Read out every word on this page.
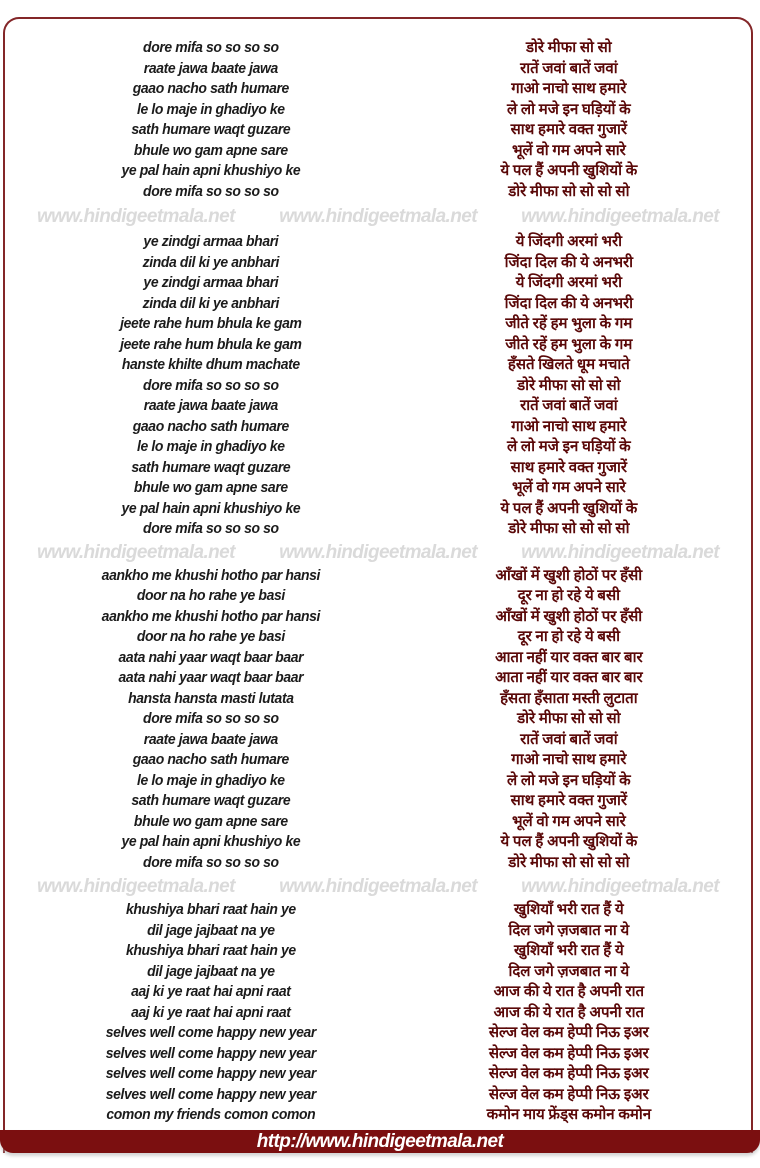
dore mifa so so so so
raate jawa baate jawa
gaao nacho sath humare
le lo maje in ghadiyo ke
sath humare waqt guzare
bhule wo gam apne sare
ye pal hain apni khushiyo ke
dore mifa so so so so
डोरे मीफा सो सो
रातें जवां बातें जवां
गाओ नाचो साथ हमारे
ले लो मजे इन घड़ियों के
साथ हमारे वक्त गुजारें
भूलें वो गम अपने सारे
ये पल हैं अपनी खुशियों के
डोरे मीफा सो सो सो सो
www.hindigeetmala.net www.hindigeetmala.net www.hindigeetmala.net
ye zindgi armaa bhari
zinda dil ki ye anbhari
ye zindgi armaa bhari
zinda dil ki ye anbhari
jeete rahe hum bhula ke gam
jeete rahe hum bhula ke gam
hanste khilte dhum machate
dore mifa so so so so
raate jawa baate jawa
gaao nacho sath humare
le lo maje in ghadiyo ke
sath humare waqt guzare
bhule wo gam apne sare
ye pal hain apni khushiyo ke
dore mifa so so so so
ये जिंदगी अरमां भरी
जिंदा दिल की ये अनभरी
ये जिंदगी अरमां भरी
जिंदा दिल की ये अनभरी
जीते रहें हम भुला के गम
जीते रहें हम भुला के गम
हँसते खिलते धूम मचाते
डोरे मीफा सो सो सो
रातें जवां बातें जवां
गाओ नाचो साथ हमारे
ले लो मजे इन घड़ियों के
साथ हमारे वक्त गुजारें
भूलें वो गम अपने सारे
ये पल हैं अपनी खुशियों के
डोरे मीफा सो सो सो सो
www.hindigeetmala.net www.hindigeetmala.net www.hindigeetmala.net
aankho me khushi hotho par hansi
door na ho rahe ye basi
aankho me khushi hotho par hansi
door na ho rahe ye basi
aata nahi yaar waqt baar baar
aata nahi yaar waqt baar baar
hansta hansta masti lutata
dore mifa so so so so
raate jawa baate jawa
gaao nacho sath humare
le lo maje in ghadiyo ke
sath humare waqt guzare
bhule wo gam apne sare
ye pal hain apni khushiyo ke
dore mifa so so so so
आँखों में खुशी होठों पर हँसी
दूर ना हो रहे ये बसी
आँखों में खुशी होठों पर हँसी
दूर ना हो रहे ये बसी
आता नहीं यार वक्त बार बार
आता नहीं यार वक्त बार बार
हँसता हँसाता मस्ती लुटाता
डोरे मीफा सो सो सो
रातें जवां बातें जवां
गाओ नाचो साथ हमारे
ले लो मजे इन घड़ियों के
साथ हमारे वक्त गुजारें
भूलें वो गम अपने सारे
ये पल हैं अपनी खुशियों के
डोरे मीफा सो सो सो सो
www.hindigeetmala.net www.hindigeetmala.net www.hindigeetmala.net
khushiya bhari raat hain ye
dil jage jajbaat na ye
khushiya bhari raat hain ye
dil jage jajbaat na ye
aaj ki ye raat hai apni raat
aaj ki ye raat hai apni raat
selves well come happy new year
selves well come happy new year
selves well come happy new year
selves well come happy new year
comon my friends comon comon
खुशियाँ भरी रात हैं ये
दिल जगे ज़जबात ना ये
खुशियाँ भरी रात हैं ये
दिल जगे ज़जबात ना ये
आज की ये रात है अपनी रात
आज की ये रात है अपनी रात
सेल्ज वेल कम हेप्पी निऊ इअर
सेल्ज वेल कम हेप्पी निऊ इअर
सेल्ज वेल कम हेप्पी निऊ इअर
सेल्ज वेल कम हेप्पी निऊ इअर
कमोन माय फ्रेंड्स कमोन कमोन
http://www.hindigeetmala.net
